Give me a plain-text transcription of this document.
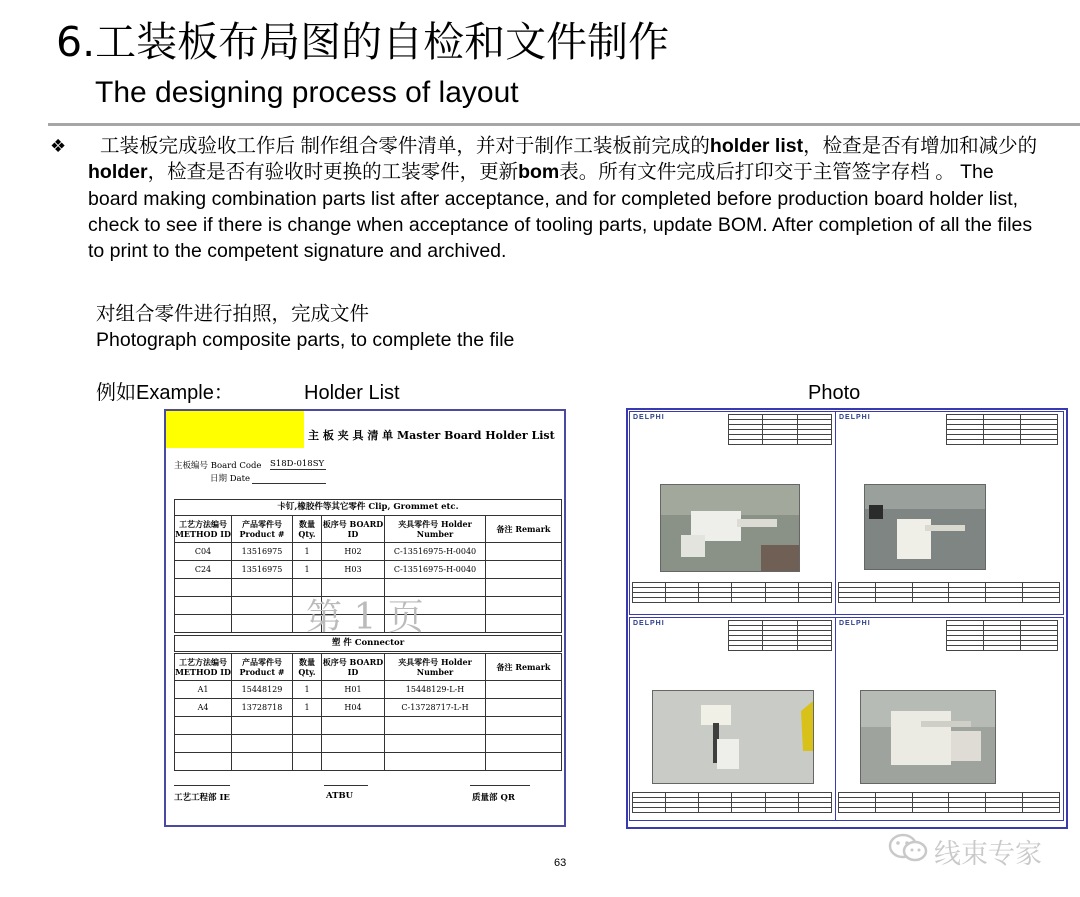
6.工装板布局图的自检和文件制作
The designing process of layout
❖	工装板完成验收工作后 制作组合零件清单，并对于制作工装板前完成的holder list，检查是否有增加和减少的holder，检查是否有验收时更换的工装零件，更新bom表。所有文件完成后打印交于主管签字存档 。 The board making combination parts list after acceptance, and for completed before production board holder list, check to see if there is change when acceptance of tooling parts, update BOM. After completion of all the files to print to the competent signature and archived.
对组合零件进行拍照，完成文件
Photograph composite parts, to complete the file
例如Example：	Holder List	Photo
主 板 夹 具 清 单 Master Board Holder List
主板编号 Board Code S18D-018SY
日期 Date
卡钉,橡胶件等其它零件 Clip, Grommet etc.
工艺方法编号 METHOD ID	产品零件号 Product #	数量 Qty.	板序号 BOARD ID	夹具零件号 Holder Number	备注 Remark
C04	13516975	1	H02	C-13516975-H-0040	
C24	13516975	1	H03	C-13516975-H-0040	

第 1 页
塑 件 Connector
工艺方法编号 METHOD ID	产品零件号 Product #	数量 Qty.	板序号 BOARD ID	夹具零件号 Holder Number	备注 Remark
A1	15448129	1	H01	15448129-L-H	
A4	13728718	1	H04	C-13728717-L-H	

工艺工程部 IE	ATBU	质量部 QR
DELPHI

						DELPHI

DELPHI

						DELPHI

63	线束专家
